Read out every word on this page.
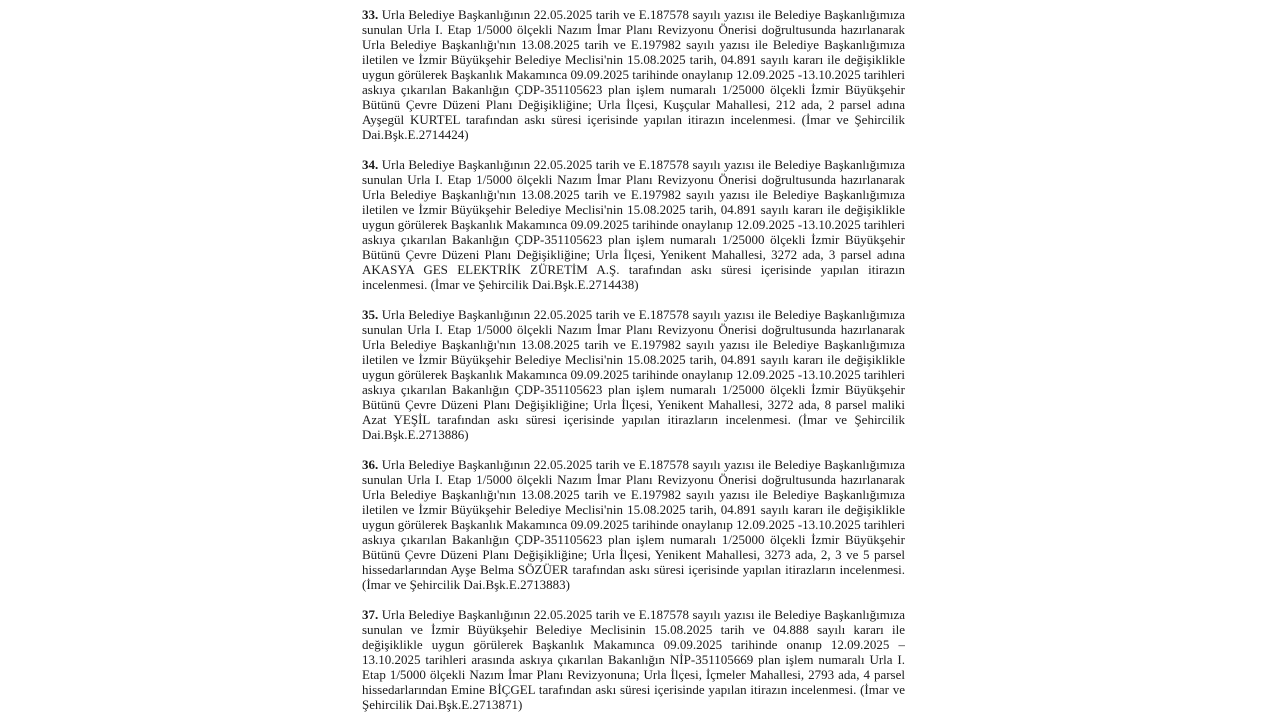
33. Urla Belediye Başkanlığının 22.05.2025 tarih ve E.187578 sayılı yazısı ile Belediye Başkanlığımıza
sunulan Urla I. Etap 1/5000 ölçekli Nazım İmar Planı Revizyonu Önerisi doğrultusunda hazırlanarak
Urla Belediye Başkanlığı'nın 13.08.2025 tarih ve E.197982 sayılı yazısı ile Belediye Başkanlığımıza
iletilen ve İzmir Büyükşehir Belediye Meclisi'nin 15.08.2025 tarih, 04.891 sayılı kararı ile değişiklikle
uygun görülerek Başkanlık Makamınca 09.09.2025 tarihinde onaylanıp 12.09.2025 -13.10.2025 tarihleri
askıya çıkarılan Bakanlığın ÇDP-351105623 plan işlem numaralı 1/25000 ölçekli İzmir Büyükşehir
Bütünü Çevre Düzeni Planı Değişikliğine; Urla İlçesi, Kuşçular Mahallesi, 212 ada, 2 parsel adına
Ayşegül KURTEL tarafından askı süresi içerisinde yapılan itirazın incelenmesi. (İmar ve Şehircilik
Dai.Bşk.E.2714424)
34. Urla Belediye Başkanlığının 22.05.2025 tarih ve E.187578 sayılı yazısı ile Belediye Başkanlığımıza
sunulan Urla I. Etap 1/5000 ölçekli Nazım İmar Planı Revizyonu Önerisi doğrultusunda hazırlanarak
Urla Belediye Başkanlığı'nın 13.08.2025 tarih ve E.197982 sayılı yazısı ile Belediye Başkanlığımıza
iletilen ve İzmir Büyükşehir Belediye Meclisi'nin 15.08.2025 tarih, 04.891 sayılı kararı ile değişiklikle
uygun görülerek Başkanlık Makamınca 09.09.2025 tarihinde onaylanıp 12.09.2025 -13.10.2025 tarihleri
askıya çıkarılan Bakanlığın ÇDP-351105623 plan işlem numaralı 1/25000 ölçekli İzmir Büyükşehir
Bütünü Çevre Düzeni Planı Değişikliğine; Urla İlçesi, Yenikent Mahallesi, 3272 ada, 3 parsel adına
AKASYA GES ELEKTRİK ZÜRETİM A.Ş. tarafından askı süresi içerisinde yapılan itirazın
incelenmesi. (İmar ve Şehircilik Dai.Bşk.E.2714438)
35. Urla Belediye Başkanlığının 22.05.2025 tarih ve E.187578 sayılı yazısı ile Belediye Başkanlığımıza
sunulan Urla I. Etap 1/5000 ölçekli Nazım İmar Planı Revizyonu Önerisi doğrultusunda hazırlanarak
Urla Belediye Başkanlığı'nın 13.08.2025 tarih ve E.197982 sayılı yazısı ile Belediye Başkanlığımıza
iletilen ve İzmir Büyükşehir Belediye Meclisi'nin 15.08.2025 tarih, 04.891 sayılı kararı ile değişiklikle
uygun görülerek Başkanlık Makamınca 09.09.2025 tarihinde onaylanıp 12.09.2025 -13.10.2025 tarihleri
askıya çıkarılan Bakanlığın ÇDP-351105623 plan işlem numaralı 1/25000 ölçekli İzmir Büyükşehir
Bütünü Çevre Düzeni Planı Değişikliğine; Urla İlçesi, Yenikent Mahallesi, 3272 ada, 8 parsel maliki
Azat YEŞİL tarafından askı süresi içerisinde yapılan itirazların incelenmesi. (İmar ve Şehircilik
Dai.Bşk.E.2713886)
36. Urla Belediye Başkanlığının 22.05.2025 tarih ve E.187578 sayılı yazısı ile Belediye Başkanlığımıza
sunulan Urla I. Etap 1/5000 ölçekli Nazım İmar Planı Revizyonu Önerisi doğrultusunda hazırlanarak
Urla Belediye Başkanlığı'nın 13.08.2025 tarih ve E.197982 sayılı yazısı ile Belediye Başkanlığımıza
iletilen ve İzmir Büyükşehir Belediye Meclisi'nin 15.08.2025 tarih, 04.891 sayılı kararı ile değişiklikle
uygun görülerek Başkanlık Makamınca 09.09.2025 tarihinde onaylanıp 12.09.2025 -13.10.2025 tarihleri
askıya çıkarılan Bakanlığın ÇDP-351105623 plan işlem numaralı 1/25000 ölçekli İzmir Büyükşehir
Bütünü Çevre Düzeni Planı Değişikliğine; Urla İlçesi, Yenikent Mahallesi, 3273 ada, 2, 3 ve 5 parsel
hissedarlarından Ayşe Belma SÖZÜER tarafından askı süresi içerisinde yapılan itirazların incelenmesi.
(İmar ve Şehircilik Dai.Bşk.E.2713883)
37. Urla Belediye Başkanlığının 22.05.2025 tarih ve E.187578 sayılı yazısı ile Belediye Başkanlığımıza
sunulan ve İzmir Büyükşehir Belediye Meclisinin 15.08.2025 tarih ve 04.888 sayılı kararı ile
değişiklikle uygun görülerek Başkanlık Makamınca 09.09.2025 tarihinde onanıp 12.09.2025 –
13.10.2025 tarihleri arasında askıya çıkarılan Bakanlığın NİP-351105669 plan işlem numaralı Urla I.
Etap 1/5000 ölçekli Nazım İmar Planı Revizyonuna; Urla İlçesi, İçmeler Mahallesi, 2793 ada, 4 parsel
hissedarlarından Emine BİÇGEL tarafından askı süresi içerisinde yapılan itirazın incelenmesi. (İmar ve
Şehircilik Dai.Bşk.E.2713871)
